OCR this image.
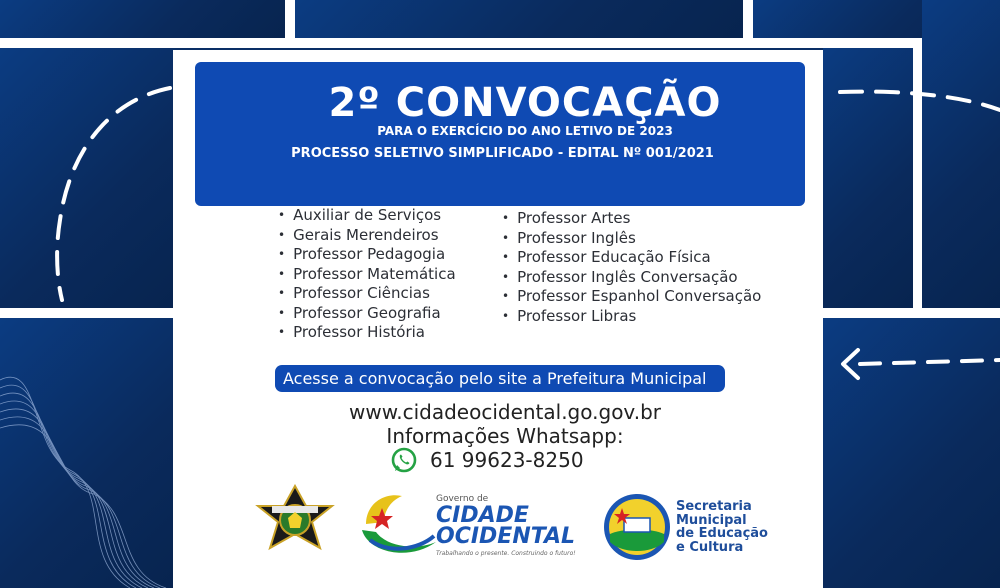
2º CONVOCAÇÃO
PARA O EXERCÍCIO DO ANO LETIVO DE 2023
PROCESSO SELETIVO SIMPLIFICADO - EDITAL Nº 001/2021
• Auxiliar de Serviços
• Gerais Merendeiros
• Professor Pedagogia
• Professor Matemática
• Professor Ciências
• Professor Geografia
• Professor História
• Professor Artes
• Professor Inglês
• Professor Educação Física
• Professor Inglês Conversação
• Professor Espanhol Conversação
• Professor Libras
Acesse a convocação pelo site a Prefeitura Municipal
www.cidadeocidental.go.gov.br
Informações Whatsapp:
61 99623-8250
Governo de
CIDADE
OCIDENTAL
Trabalhando o presente. Construindo o futuro!
Secretaria
Municipal
de Educação
e Cultura
